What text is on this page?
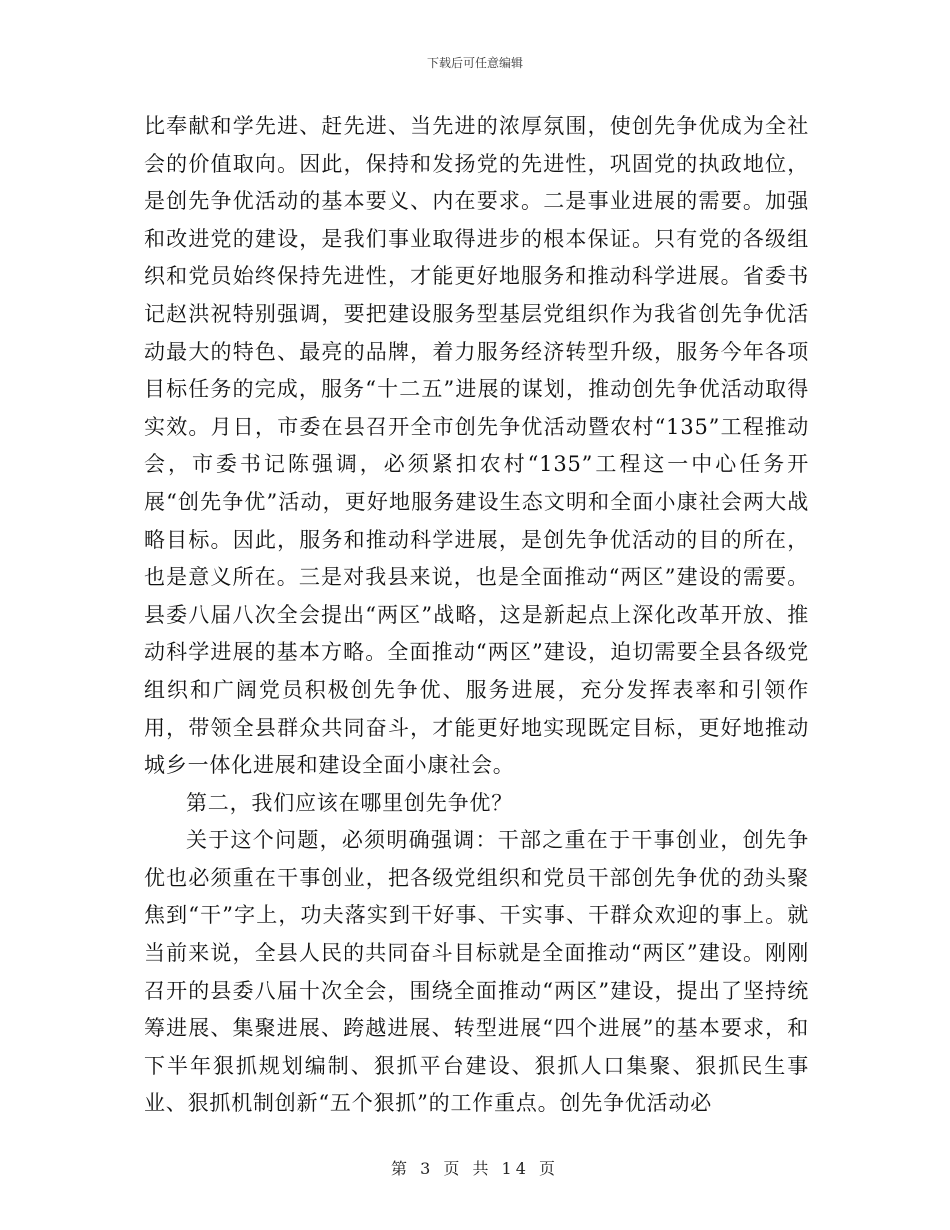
下载后可任意编辑

比奉献和学先进、赶先进、当先进的浓厚氛围，使创先争优成为全社会的价值取向。因此，保持和发扬党的先进性，巩固党的执政地位，是创先争优活动的基本要义、内在要求。二是事业进展的需要。加强和改进党的建设，是我们事业取得进步的根本保证。只有党的各级组织和党员始终保持先进性，才能更好地服务和推动科学进展。省委书记赵洪祝特别强调，要把建设服务型基层党组织作为我省创先争优活动最大的特色、最亮的品牌，着力服务经济转型升级，服务今年各项目标任务的完成，服务“十二五”进展的谋划，推动创先争优活动取得实效。月日，市委在县召开全市创先争优活动暨农村“135”工程推动会，市委书记陈强调，必须紧扣农村“135”工程这一中心任务开展“创先争优”活动，更好地服务建设生态文明和全面小康社会两大战略目标。因此，服务和推动科学进展，是创先争优活动的目的所在，也是意义所在。三是对我县来说，也是全面推动“两区”建设的需要。县委八届八次全会提出“两区”战略，这是新起点上深化改革开放、推动科学进展的基本方略。全面推动“两区”建设，迫切需要全县各级党组织和广阔党员积极创先争优、服务进展，充分发挥表率和引领作用，带领全县群众共同奋斗，才能更好地实现既定目标，更好地推动城乡一体化进展和建设全面小康社会。

第二，我们应该在哪里创先争优？

关于这个问题，必须明确强调：干部之重在于干事创业，创先争优也必须重在干事创业，把各级党组织和党员干部创先争优的劲头聚焦到“干”字上，功夫落实到干好事、干实事、干群众欢迎的事上。就当前来说，全县人民的共同奋斗目标就是全面推动“两区”建设。刚刚召开的县委八届十次全会，围绕全面推动“两区”建设，提出了坚持统筹进展、集聚进展、跨越进展、转型进展“四个进展”的基本要求，和下半年狠抓规划编制、狠抓平台建设、狠抓人口集聚、狠抓民生事业、狠抓机制创新“五个狠抓”的工作重点。创先争优活动必

第 3 页 共 14 页
